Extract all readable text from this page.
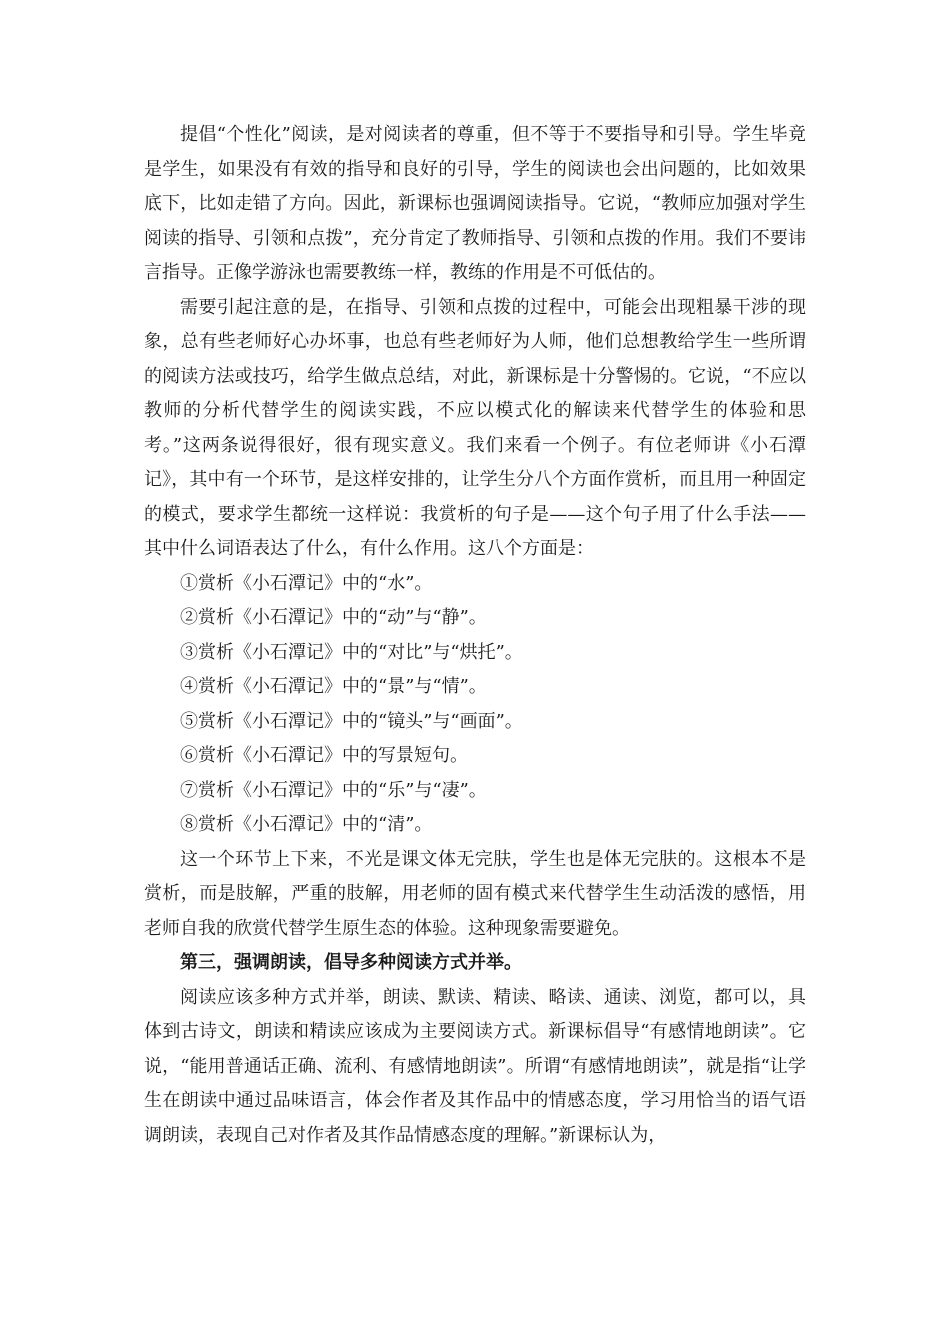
提倡“个性化”阅读，是对阅读者的尊重，但不等于不要指导和引导。学生毕竟是学生，如果没有有效的指导和良好的引导，学生的阅读也会出问题的，比如效果底下，比如走错了方向。因此，新课标也强调阅读指导。它说，“教师应加强对学生阅读的指导、引领和点拨”，充分肯定了教师指导、引领和点拨的作用。我们不要讳言指导。正像学游泳也需要教练一样，教练的作用是不可低估的。

需要引起注意的是，在指导、引领和点拨的过程中，可能会出现粗暴干涉的现象，总有些老师好心办坏事，也总有些老师好为人师，他们总想教给学生一些所谓的阅读方法或技巧，给学生做点总结，对此，新课标是十分警惕的。它说，“不应以教师的分析代替学生的阅读实践，不应以模式化的解读来代替学生的体验和思考。”这两条说得很好，很有现实意义。我们来看一个例子。有位老师讲《小石潭记》，其中有一个环节，是这样安排的，让学生分八个方面作赏析，而且用一种固定的模式，要求学生都统一这样说：我赏析的句子是——这个句子用了什么手法——其中什么词语表达了什么，有什么作用。这八个方面是：

①赏析《小石潭记》中的“水”。

②赏析《小石潭记》中的“动”与“静”。

③赏析《小石潭记》中的“对比”与“烘托”。

④赏析《小石潭记》中的“景”与“情”。

⑤赏析《小石潭记》中的“镜头”与“画面”。

⑥赏析《小石潭记》中的写景短句。

⑦赏析《小石潭记》中的“乐”与“凄”。

⑧赏析《小石潭记》中的“清”。

这一个环节上下来，不光是课文体无完肤，学生也是体无完肤的。这根本不是赏析，而是肢解，严重的肢解，用老师的固有模式来代替学生生动活泼的感悟，用老师自我的欣赏代替学生原生态的体验。这种现象需要避免。

第三，强调朗读，倡导多种阅读方式并举。

阅读应该多种方式并举，朗读、默读、精读、略读、通读、浏览，都可以，具体到古诗文，朗读和精读应该成为主要阅读方式。新课标倡导“有感情地朗读”。它说，“能用普通话正确、流利、有感情地朗读”。所谓“有感情地朗读”，就是指“让学生在朗读中通过品味语言，体会作者及其作品中的情感态度，学习用恰当的语气语调朗读，表现自己对作者及其作品情感态度的理解。”新课标认为，
